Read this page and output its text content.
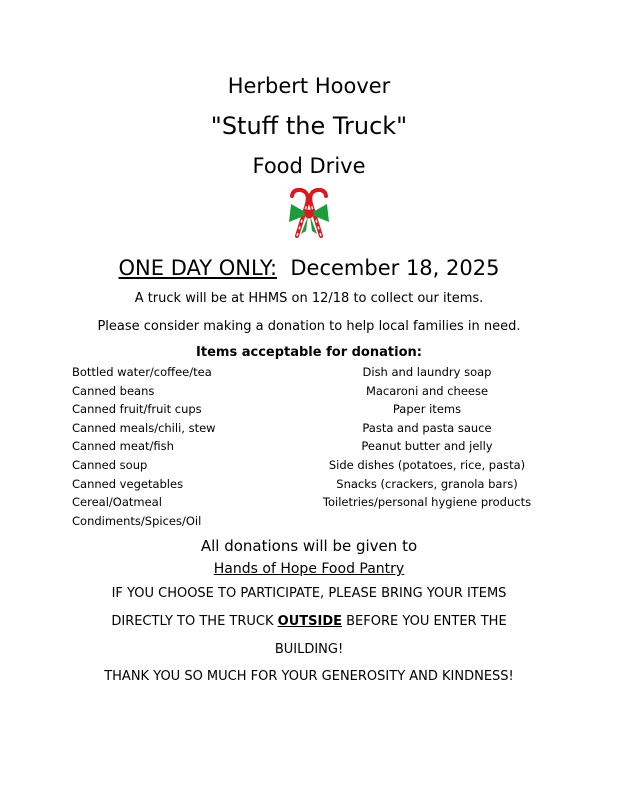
Herbert Hoover
"Stuff the Truck"
Food Drive
ONE DAY ONLY: December 18, 2025
A truck will be at HHMS on 12/18 to collect our items.
Please consider making a donation to help local families in need.
Items acceptable for donation:
Bottled water/coffee/tea
Canned beans
Canned fruit/fruit cups
Canned meals/chili, stew
Canned meat/fish
Canned soup
Canned vegetables
Cereal/Oatmeal
Condiments/Spices/Oil
Dish and laundry soap
Macaroni and cheese
Paper items
Pasta and pasta sauce
Peanut butter and jelly
Side dishes (potatoes, rice, pasta)
Snacks (crackers, granola bars)
Toiletries/personal hygiene products
All donations will be given to
Hands of Hope Food Pantry
IF YOU CHOOSE TO PARTICIPATE, PLEASE BRING YOUR ITEMS
DIRECTLY TO THE TRUCK OUTSIDE BEFORE YOU ENTER THE
BUILDING!
THANK YOU SO MUCH FOR YOUR GENEROSITY AND KINDNESS!
